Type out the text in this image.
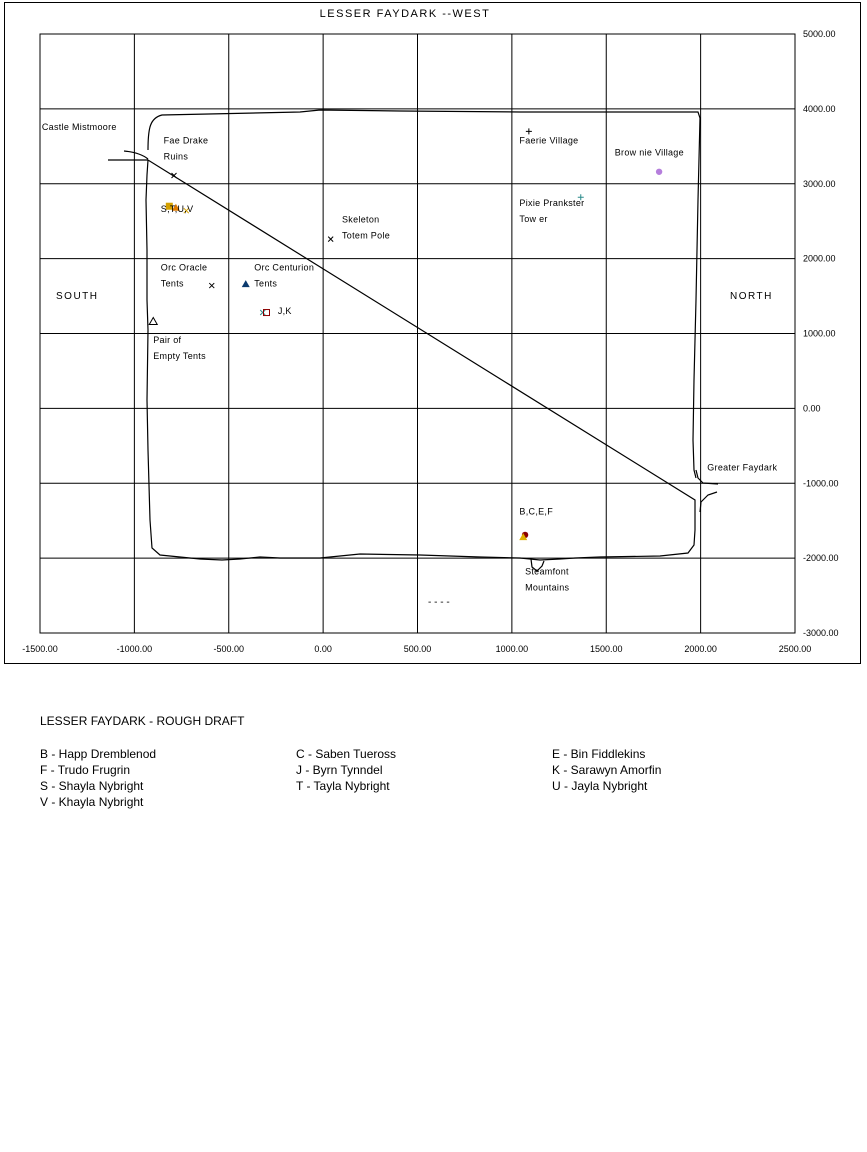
LESSER FAYDARK --WEST
-1500.00	-1000.00	-500.00	0.00	500.00	1000.00	1500.00	2000.00	2500.00
5000.00
4000.00
3000.00
2000.00
1000.00
0.00
-1000.00
-2000.00
-3000.00
SOUTH	NORTH
- - - -
Castle Mistmoore
Fae Drake
Ruins
S,T,U,V
Skeleton
Totem Pole
Orc Oracle
Tents
Orc Centurion
Tents
J,K
Pair of
Empty Tents
Faerie Village
Brow nie Village
Pixie Prankster
Tow er
Greater Faydark
B,C,E,F
Steamfont
Mountains
LESSER FAYDARK - ROUGH DRAFT
B - Happ Dremblenod	C - Saben Tueross	E - Bin Fiddlekins
F - Trudo Frugrin	J - Byrn Tynndel	K - Sarawyn Amorfin
S - Shayla Nybright	T - Tayla Nybright	U - Jayla Nybright
V - Khayla Nybright
